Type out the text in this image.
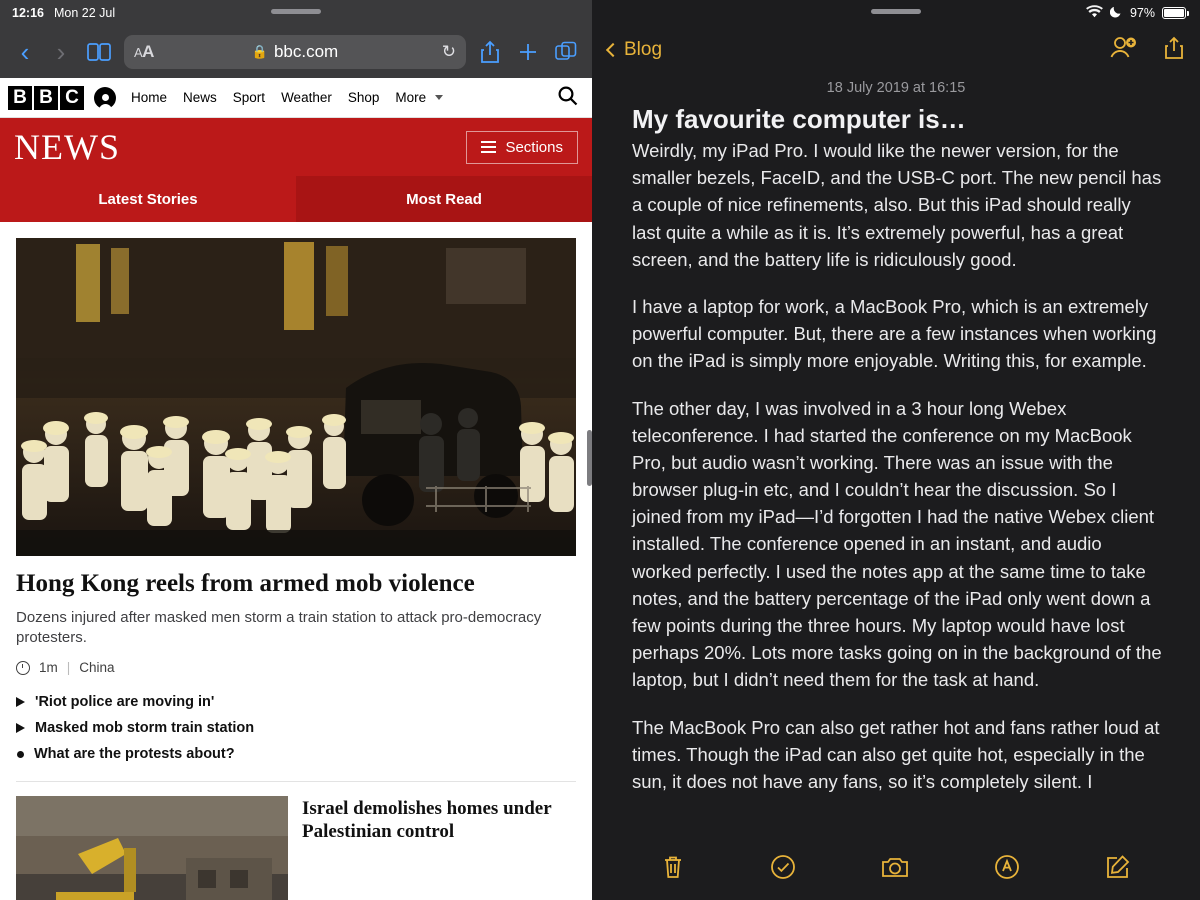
12:16 Mon 22 Jul
‹	›	AA	🔒 bbc.com	↻
B B C	Home	News	Sport	Weather	Shop	More
NEWS	Sections
Latest Stories	Most Read
Hong Kong reels from armed mob violence
Dozens injured after masked men storm a train station to attack pro-democracy protesters.
1m | China
'Riot police are moving in'
Masked mob storm train station
What are the protests about?
Israel demolishes homes under Palestinian control
97%
Blog
18 July 2019 at 16:15
My favourite computer is…

Weirdly, my iPad Pro. I would like the newer version, for the smaller bezels, FaceID, and the USB-C port. The new pencil has a couple of nice refinements, also. But this iPad should really last quite a while as it is. It’s extremely powerful, has a great screen, and the battery life is ridiculously good.

I have a laptop for work, a MacBook Pro, which is an extremely powerful computer. But, there are a few instances when working on the iPad is simply more enjoyable. Writing this, for example.

The other day, I was involved in a 3 hour long Webex teleconference. I had started the conference on my MacBook Pro, but audio wasn’t working. There was an issue with the browser plug-in etc, and I couldn’t hear the discussion. So I joined from my iPad—I’d forgotten I had the native Webex client installed. The conference opened in an instant, and audio worked perfectly. I used the notes app at the same time to take notes, and the battery percentage of the iPad only went down a few points during the three hours. My laptop would have lost perhaps 20%. Lots more tasks going on in the background of the laptop, but I didn’t need them for the task at hand.

The MacBook Pro can also get rather hot and fans rather loud at times. Though the iPad can also get quite hot, especially in the sun, it does not have any fans, so it’s completely silent. I
